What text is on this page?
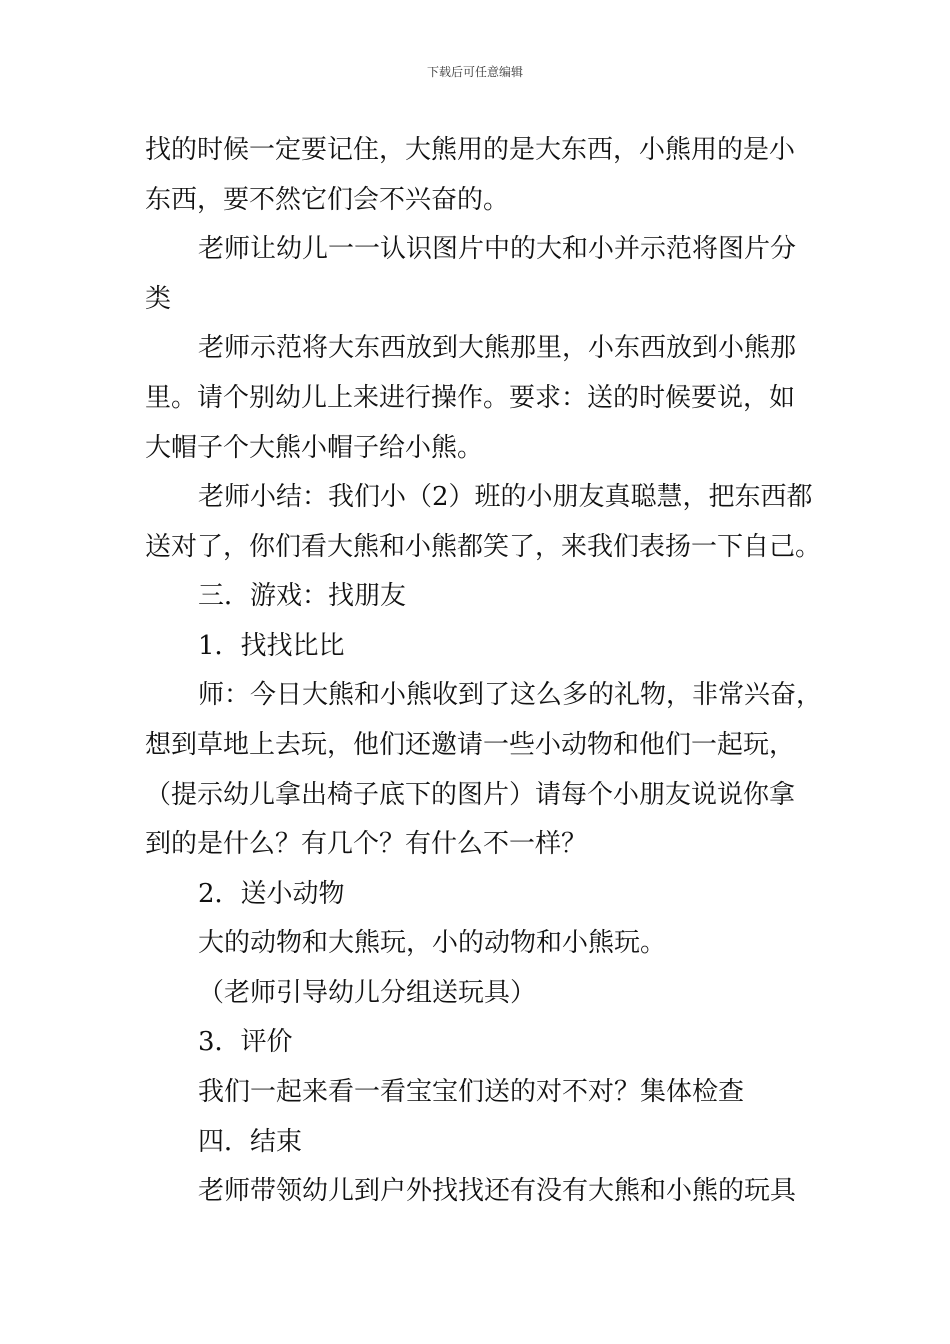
下载后可任意编辑
找的时候一定要记住，大熊用的是大东西，小熊用的是小
东西，要不然它们会不兴奋的。
老师让幼儿一一认识图片中的大和小并示范将图片分
类
老师示范将大东西放到大熊那里，小东西放到小熊那
里。请个别幼儿上来进行操作。要求：送的时候要说，如
大帽子个大熊小帽子给小熊。
老师小结：我们小（2）班的小朋友真聪慧，把东西都
送对了，你们看大熊和小熊都笑了，来我们表扬一下自己。
三．游戏：找朋友
1．找找比比
师：今日大熊和小熊收到了这么多的礼物，非常兴奋，
想到草地上去玩，他们还邀请一些小动物和他们一起玩，
（提示幼儿拿出椅子底下的图片）请每个小朋友说说你拿
到的是什么？有几个？有什么不一样？
2．送小动物
大的动物和大熊玩，小的动物和小熊玩。
（老师引导幼儿分组送玩具）
3．评价
我们一起来看一看宝宝们送的对不对？集体检查
四．结束
老师带领幼儿到户外找找还有没有大熊和小熊的玩具
